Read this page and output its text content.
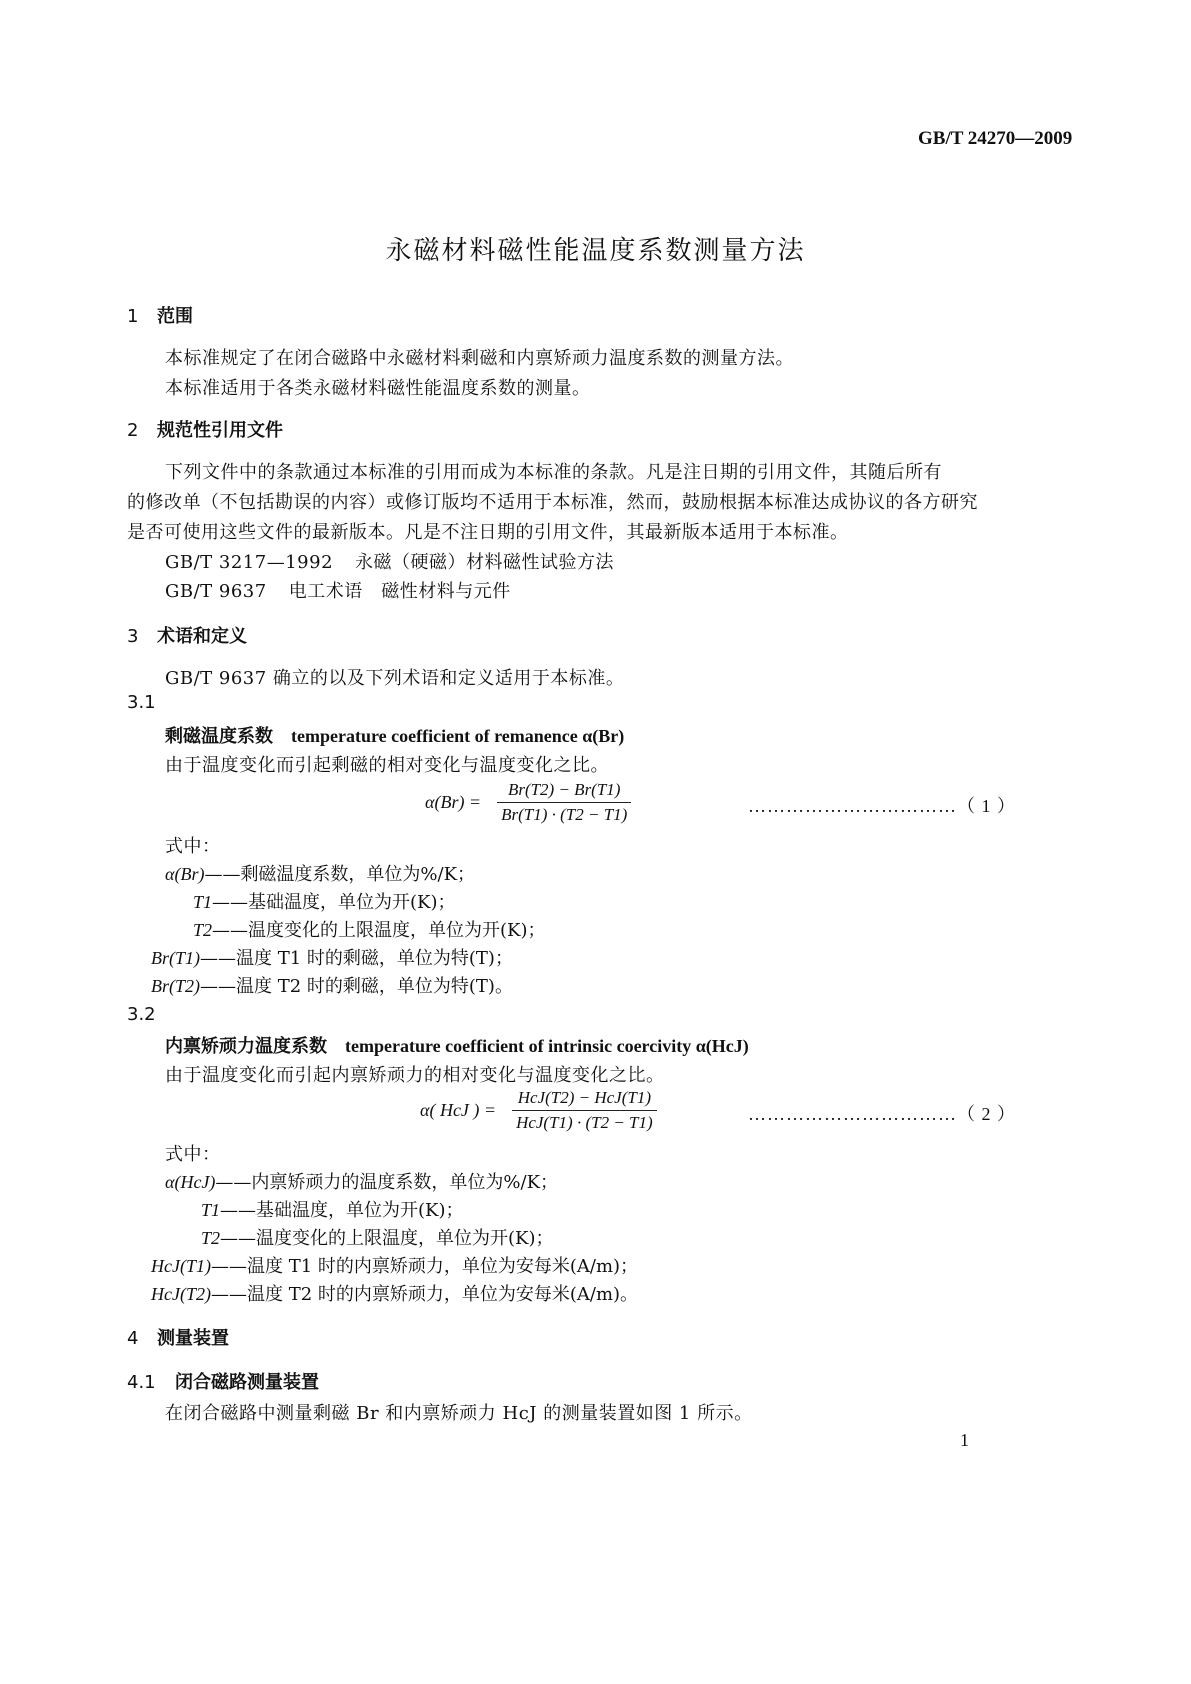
GB/T 24270—2009
永磁材料磁性能温度系数测量方法
1 范围
本标准规定了在闭合磁路中永磁材料剩磁和内禀矫顽力温度系数的测量方法。
本标准适用于各类永磁材料磁性能温度系数的测量。
2 规范性引用文件
下列文件中的条款通过本标准的引用而成为本标准的条款。凡是注日期的引用文件，其随后所有
的修改单（不包括勘误的内容）或修订版均不适用于本标准，然而，鼓励根据本标准达成协议的各方研究
是否可使用这些文件的最新版本。凡是不注日期的引用文件，其最新版本适用于本标准。
GB/T 3217—1992 永磁（硬磁）材料磁性试验方法
GB/T 9637 电工术语　磁性材料与元件
3 术语和定义
GB/T 9637 确立的以及下列术语和定义适用于本标准。
3.1
剩磁温度系数 temperature coefficient of remanence α(Br)
由于温度变化而引起剩磁的相对变化与温度变化之比。
$\alpha(Br) = \frac{Br(T2) - Br(T1)}{Br(T1) \cdot (T2 - T1)}$	……………………………（ 1 ）
式中：
α(Br)——剩磁温度系数，单位为%/K；
T1——基础温度，单位为开(K)；
T2——温度变化的上限温度，单位为开(K)；
Br(T1)——温度 T1 时的剩磁，单位为特(T)；
Br(T2)——温度 T2 时的剩磁，单位为特(T)。
3.2
内禀矫顽力温度系数 temperature coefficient of intrinsic coercivity α(HcJ)
由于温度变化而引起内禀矫顽力的相对变化与温度变化之比。
α( HcJ ) = $\frac{\text{HcJ(T2) − HcJ(T1)}}{\text{HcJ(T1) · (T2 − T1)}}$	……………………………（ 2 ）
式中：
α(HcJ)——内禀矫顽力的温度系数，单位为%/K；
T1——基础温度，单位为开(K)；
T2——温度变化的上限温度，单位为开(K)；
HcJ(T1)——温度 T1 时的内禀矫顽力，单位为安每米(A/m)；
HcJ(T2)——温度 T2 时的内禀矫顽力，单位为安每米(A/m)。
4 测量装置
4.1 闭合磁路测量装置
在闭合磁路中测量剩磁 Br 和内禀矫顽力 HcJ 的测量装置如图 1 所示。
1
